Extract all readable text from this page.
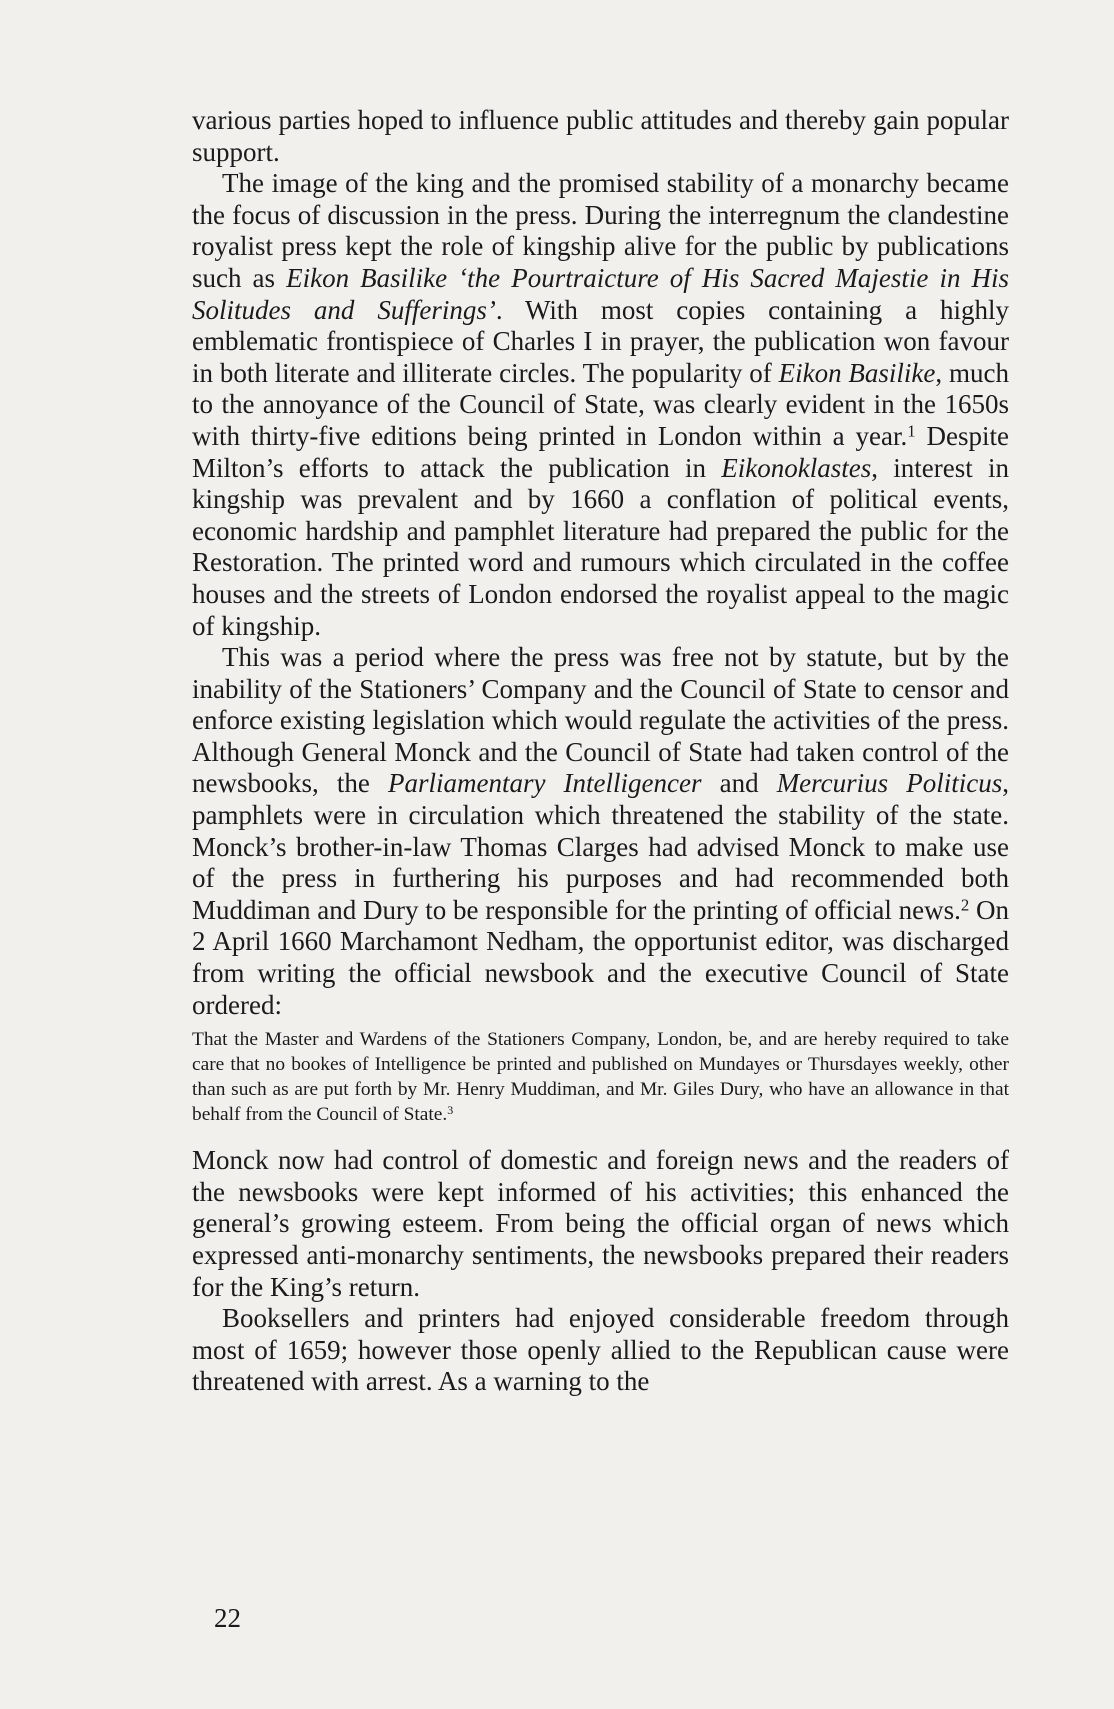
various parties hoped to influence public attitudes and thereby gain popular support.

The image of the king and the promised stability of a monarchy became the focus of discussion in the press. During the interregnum the clandestine royalist press kept the role of kingship alive for the public by publications such as Eikon Basilike ‘the Pourtraicture of His Sacred Majestie in His Solitudes and Sufferings’. With most copies containing a highly emblematic frontispiece of Charles I in prayer, the publication won favour in both literate and illiterate circles. The popularity of Eikon Basilike, much to the annoyance of the Council of State, was clearly evident in the 1650s with thirty-five editions being printed in London within a year.$^1$ Despite Milton’s efforts to attack the publication in Eikonoklastes, interest in kingship was prevalent and by 1660 a conflation of political events, economic hardship and pamphlet literature had prepared the public for the Restoration. The printed word and rumours which circulated in the coffee houses and the streets of London endorsed the royalist appeal to the magic of kingship.

This was a period where the press was free not by statute, but by the inability of the Stationers’ Company and the Council of State to censor and enforce existing legislation which would regulate the activities of the press. Although General Monck and the Council of State had taken control of the newsbooks, the Parliamentary Intelligencer and Mercurius Politicus, pamphlets were in circulation which threatened the stability of the state. Monck’s brother-in-law Thomas Clarges had advised Monck to make use of the press in furthering his purposes and had recommended both Muddiman and Dury to be responsible for the printing of official news.$^2$ On 2 April 1660 Marchamont Nedham, the opportunist editor, was discharged from writing the official newsbook and the executive Council of State ordered:

That the Master and Wardens of the Stationers Company, London, be, and are hereby required to take care that no bookes of Intelligence be printed and published on Mundayes or Thursdayes weekly, other than such as are put forth by Mr. Henry Muddiman, and Mr. Giles Dury, who have an allowance in that behalf from the Council of State.$^3$

Monck now had control of domestic and foreign news and the readers of the newsbooks were kept informed of his activities; this enhanced the general’s growing esteem. From being the official organ of news which expressed anti-monarchy sentiments, the newsbooks prepared their readers for the King’s return.

Booksellers and printers had enjoyed considerable freedom through most of 1659; however those openly allied to the Republican cause were threatened with arrest. As a warning to the

22
